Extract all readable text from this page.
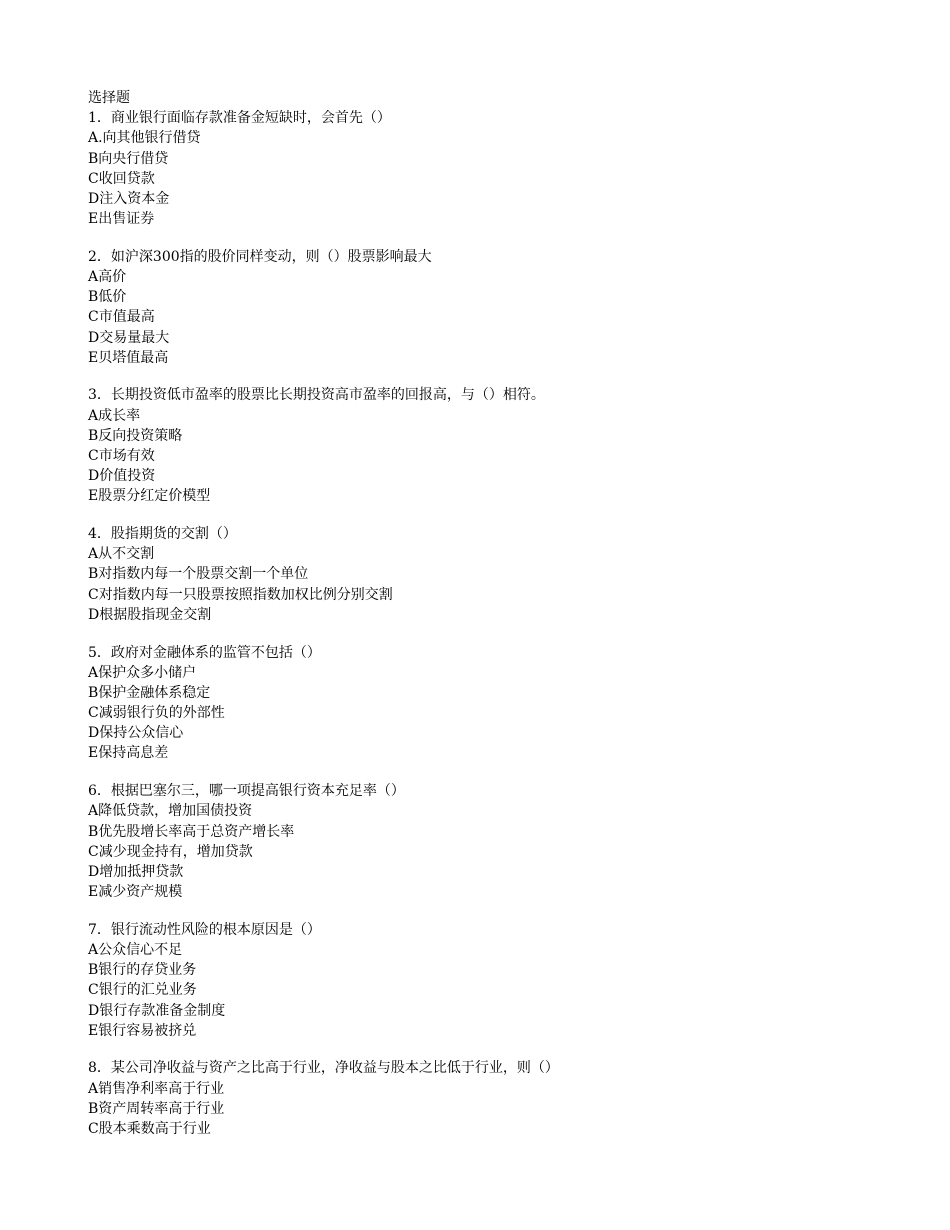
选择题
1．商业银行面临存款准备金短缺时，会首先（）
A.向其他银行借贷
B向央行借贷
C收回贷款
D注入资本金
E出售证券
2．如沪深300指的股价同样变动，则（）股票影响最大
A高价
B低价
C市值最高
D交易量最大
E贝塔值最高
3．长期投资低市盈率的股票比长期投资高市盈率的回报高，与（）相符。
A成长率
B反向投资策略
C市场有效
D价值投资
E股票分红定价模型
4．股指期货的交割（）
A从不交割
B对指数内每一个股票交割一个单位
C对指数内每一只股票按照指数加权比例分别交割
D根据股指现金交割
5．政府对金融体系的监管不包括（）
A保护众多小储户
B保护金融体系稳定
C减弱银行负的外部性
D保持公众信心
E保持高息差
6．根据巴塞尔三，哪一项提高银行资本充足率（）
A降低贷款，增加国债投资
B优先股增长率高于总资产增长率
C减少现金持有，增加贷款
D增加抵押贷款
E减少资产规模
7．银行流动性风险的根本原因是（）
A公众信心不足
B银行的存贷业务
C银行的汇兑业务
D银行存款准备金制度
E银行容易被挤兑
8．某公司净收益与资产之比高于行业，净收益与股本之比低于行业，则（）
A销售净利率高于行业
B资产周转率高于行业
C股本乘数高于行业
